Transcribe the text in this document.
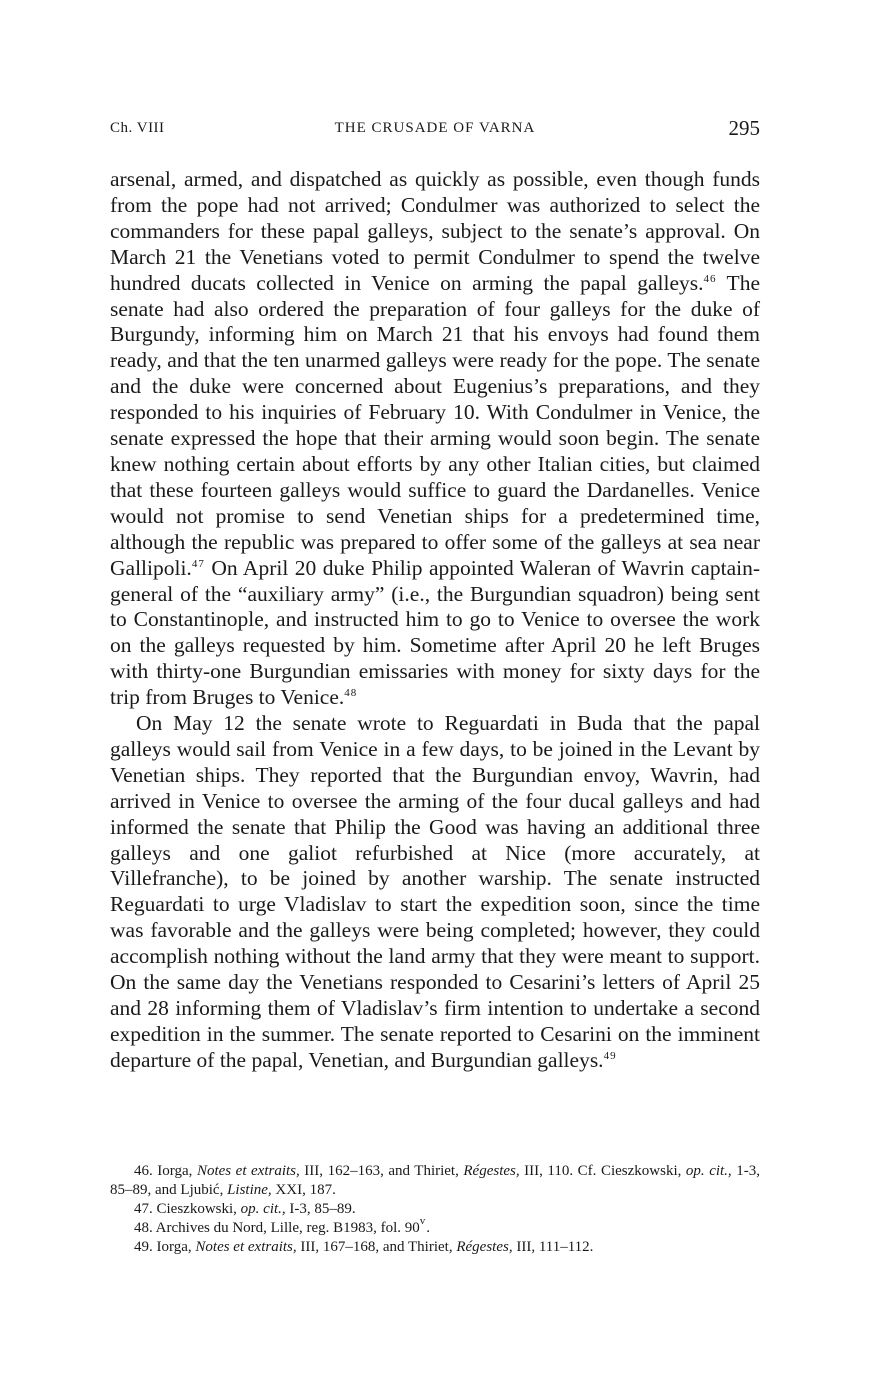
Ch. VIII	THE CRUSADE OF VARNA	295

arsenal, armed, and dispatched as quickly as possible, even though funds from the pope had not arrived; Condulmer was authorized to select the commanders for these papal galleys, subject to the senate’s approval. On March 21 the Venetians voted to permit Condulmer to spend the twelve hundred ducats collected in Venice on arming the papal galleys.$^{46}$ The senate had also ordered the preparation of four galleys for the duke of Burgundy, informing him on March 21 that his envoys had found them ready, and that the ten unarmed galleys were ready for the pope. The senate and the duke were concerned about Eugenius’s preparations, and they responded to his inquiries of February 10. With Condulmer in Venice, the senate expressed the hope that their arming would soon begin. The senate knew nothing certain about efforts by any other Italian cities, but claimed that these fourteen galleys would suffice to guard the Dardanelles. Venice would not promise to send Venetian ships for a predetermined time, although the republic was prepared to offer some of the galleys at sea near Gallipoli.$^{47}$ On April 20 duke Philip appointed Waleran of Wavrin captain-general of the “auxiliary army” (i.e., the Burgundian squadron) being sent to Constantinople, and instructed him to go to Venice to oversee the work on the galleys requested by him. Sometime after April 20 he left Bruges with thirty-one Burgundian emissaries with money for sixty days for the trip from Bruges to Venice.$^{48}$

On May 12 the senate wrote to Reguardati in Buda that the papal galleys would sail from Venice in a few days, to be joined in the Levant by Venetian ships. They reported that the Burgundian envoy, Wavrin, had arrived in Venice to oversee the arming of the four ducal galleys and had informed the senate that Philip the Good was having an additional three galleys and one galiot refurbished at Nice (more accurately, at Villefranche), to be joined by another warship. The senate instructed Reguardati to urge Vladislav to start the expedition soon, since the time was favorable and the galleys were being completed; however, they could accomplish nothing without the land army that they were meant to support. On the same day the Venetians responded to Cesarini’s letters of April 25 and 28 informing them of Vladislav’s firm intention to undertake a second expedition in the summer. The senate reported to Cesarini on the imminent departure of the papal, Venetian, and Burgundian galleys.$^{49}$

46. Iorga, Notes et extraits, III, 162–163, and Thiriet, Régestes, III, 110. Cf. Cieszkowski, op. cit., 1-3, 85–89, and Ljubić, Listine, XXI, 187.

47. Cieszkowski, op. cit., I-3, 85–89.

48. Archives du Nord, Lille, reg. B1983, fol. 90$^v$.

49. Iorga, Notes et extraits, III, 167–168, and Thiriet, Régestes, III, 111–112.
